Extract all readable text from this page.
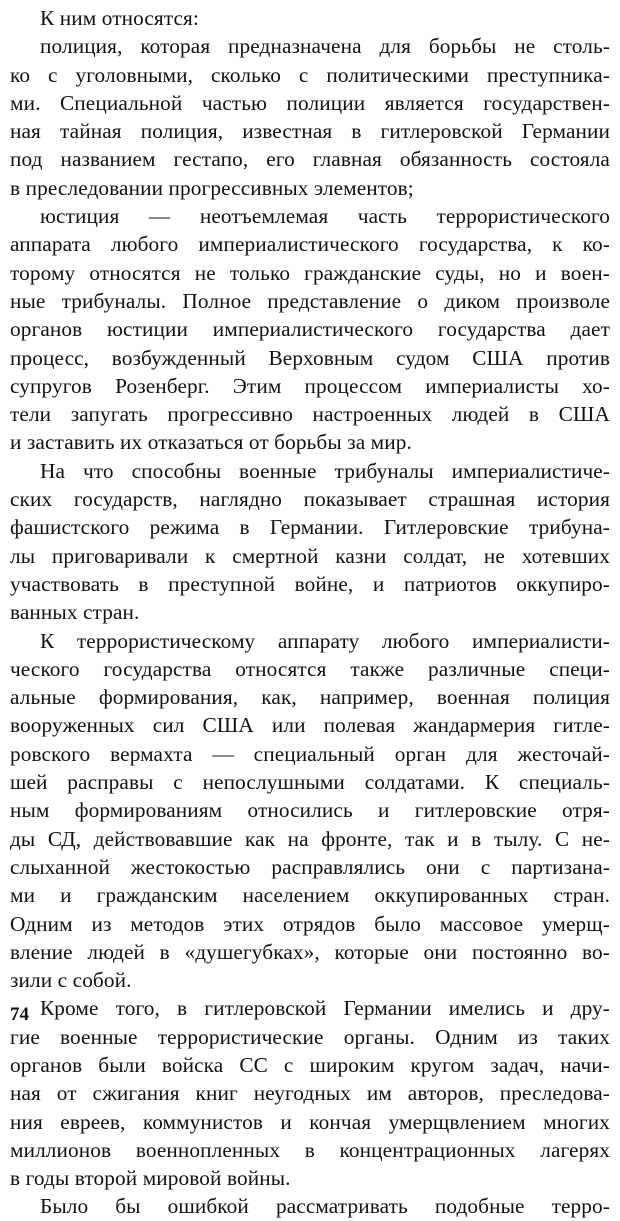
К ним относятся:
полиция, которая предназначена для борьбы не столь-
ко с уголовными, сколько с политическими преступника-
ми. Специальной частью полиции является государствен-
ная тайная полиция, известная в гитлеровской Германии
под названием гестапо, его главная обязанность состояла
в преследовании прогрессивных элементов;
юстиция — неотъемлемая часть террористического
аппарата любого империалистического государства, к ко-
торому относятся не только гражданские суды, но и воен-
ные трибуналы. Полное представление о диком произволе
органов юстиции империалистического государства дает
процесс, возбужденный Верховным судом США против
супругов Розенберг. Этим процессом империалисты хо-
тели запугать прогрессивно настроенных людей в США
и заставить их отказаться от борьбы за мир.
На что способны военные трибуналы империалистиче-
ских государств, наглядно показывает страшная история
фашистского режима в Германии. Гитлеровские трибуна-
лы приговаривали к смертной казни солдат, не хотевших
участвовать в преступной войне, и патриотов оккупиро-
ванных стран.
К террористическому аппарату любого империалисти-
ческого государства относятся также различные специ-
альные формирования, как, например, военная полиция
вооруженных сил США или полевая жандармерия гитле-
ровского вермахта — специальный орган для жесточай-
шей расправы с непослушными солдатами. К специаль-
ным формированиям относились и гитлеровские отря-
ды СД, действовавшие как на фронте, так и в тылу. С не-
слыханной жестокостью расправлялись они с партизана-
ми и гражданским населением оккупированных стран.
Одним из методов этих отрядов было массовое умерщ-
вление людей в «душегубках», которые они постоянно во-
зили с собой.
Кроме того, в гитлеровской Германии имелись и дру-
гие военные террористические органы. Одним из таких
органов были войска СС с широким кругом задач, начи-
ная от сжигания книг неугодных им авторов, преследова-
ния евреев, коммунистов и кончая умерщвлением многих
миллионов военнопленных в концентрационных лагерях
в годы второй мировой войны.
Было бы ошибкой рассматривать подобные терро-
74
